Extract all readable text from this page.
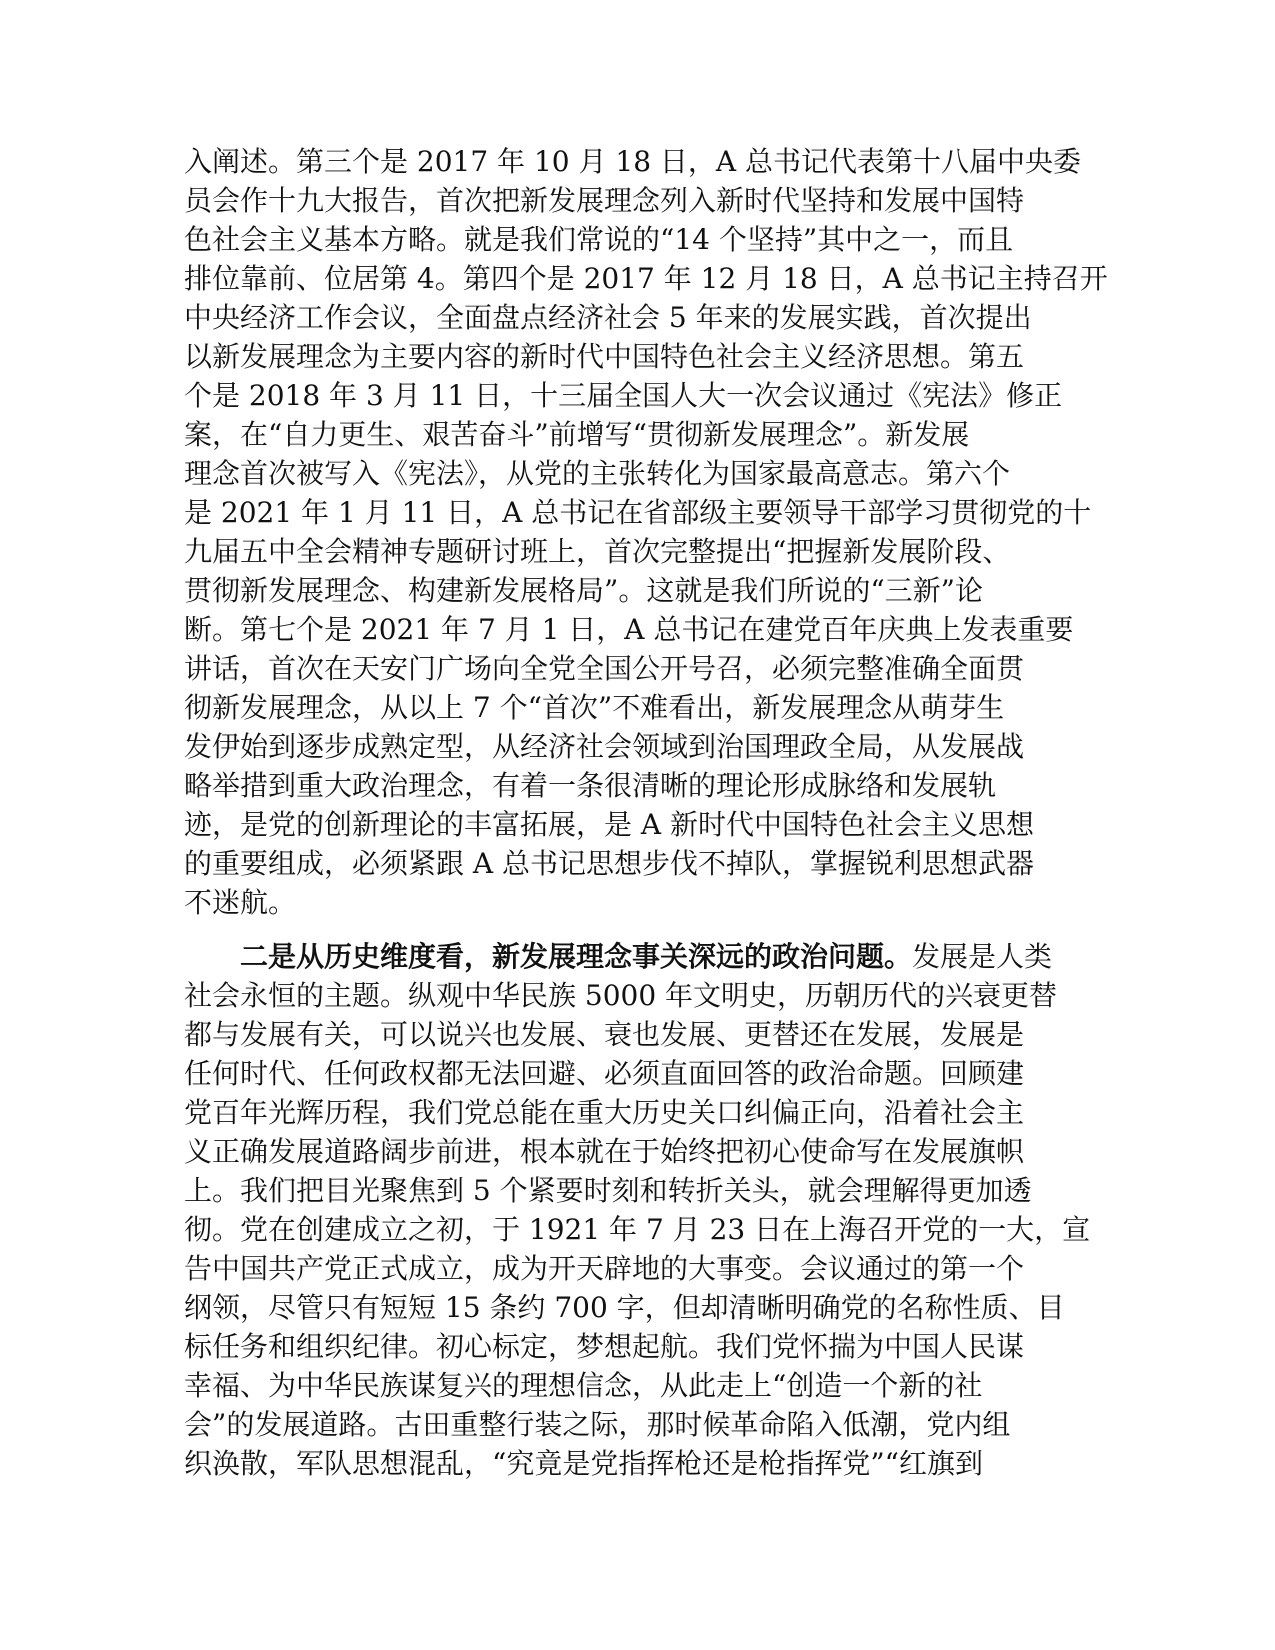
入阐述。第三个是 2017 年 10 月 18 日，A 总书记代表第十八届中央委
员会作十九大报告，首次把新发展理念列入新时代坚持和发展中国特
色社会主义基本方略。就是我们常说的“14 个坚持”其中之一，而且
排位靠前、位居第 4。第四个是 2017 年 12 月 18 日，A 总书记主持召开
中央经济工作会议，全面盘点经济社会 5 年来的发展实践，首次提出
以新发展理念为主要内容的新时代中国特色社会主义经济思想。第五
个是 2018 年 3 月 11 日，十三届全国人大一次会议通过《宪法》修正
案，在“自力更生、艰苦奋斗”前增写“贯彻新发展理念”。新发展
理念首次被写入《宪法》，从党的主张转化为国家最高意志。第六个
是 2021 年 1 月 11 日，A 总书记在省部级主要领导干部学习贯彻党的十
九届五中全会精神专题研讨班上，首次完整提出“把握新发展阶段、
贯彻新发展理念、构建新发展格局”。这就是我们所说的“三新”论
断。第七个是 2021 年 7 月 1 日，A 总书记在建党百年庆典上发表重要
讲话，首次在天安门广场向全党全国公开号召，必须完整准确全面贯
彻新发展理念，从以上 7 个“首次”不难看出，新发展理念从萌芽生
发伊始到逐步成熟定型，从经济社会领域到治国理政全局，从发展战
略举措到重大政治理念，有着一条很清晰的理论形成脉络和发展轨
迹，是党的创新理论的丰富拓展，是 A 新时代中国特色社会主义思想
的重要组成，必须紧跟 A 总书记思想步伐不掉队，掌握锐利思想武器
不迷航。
二是从历史维度看，新发展理念事关深远的政治问题。发展是人类
社会永恒的主题。纵观中华民族 5000 年文明史，历朝历代的兴衰更替
都与发展有关，可以说兴也发展、衰也发展、更替还在发展，发展是
任何时代、任何政权都无法回避、必须直面回答的政治命题。回顾建
党百年光辉历程，我们党总能在重大历史关口纠偏正向，沿着社会主
义正确发展道路阔步前进，根本就在于始终把初心使命写在发展旗帜
上。我们把目光聚焦到 5 个紧要时刻和转折关头，就会理解得更加透
彻。党在创建成立之初，于 1921 年 7 月 23 日在上海召开党的一大，宣
告中国共产党正式成立，成为开天辟地的大事变。会议通过的第一个
纲领，尽管只有短短 15 条约 700 字，但却清晰明确党的名称性质、目
标任务和组织纪律。初心标定，梦想起航。我们党怀揣为中国人民谋
幸福、为中华民族谋复兴的理想信念，从此走上“创造一个新的社
会”的发展道路。古田重整行装之际，那时候革命陷入低潮，党内组
织涣散，军队思想混乱，“究竟是党指挥枪还是枪指挥党”“红旗到
